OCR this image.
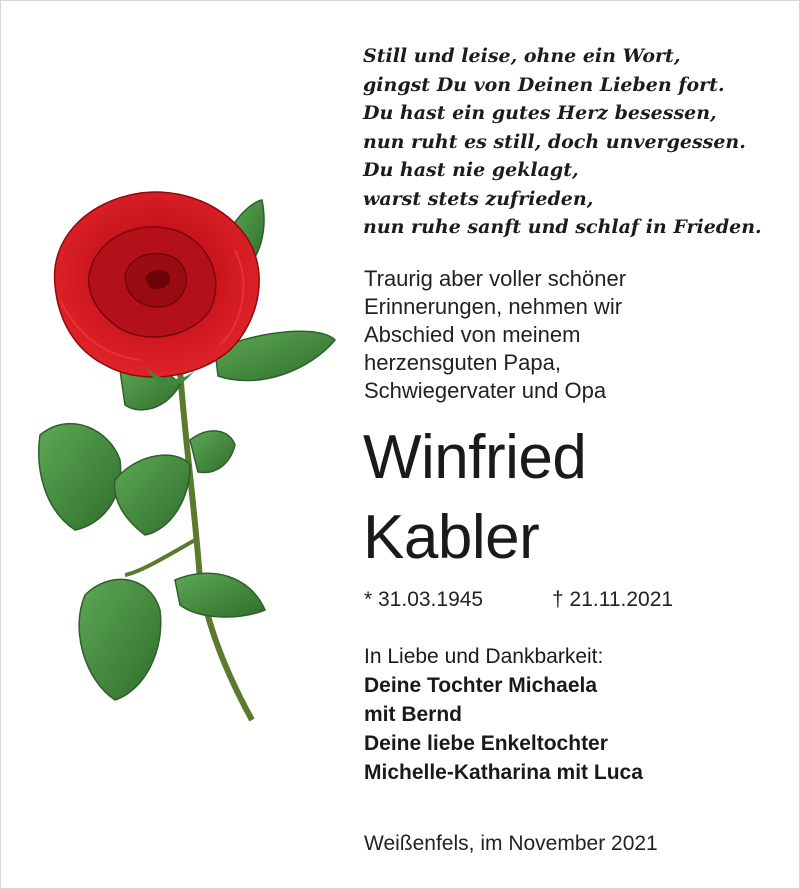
Still und leise, ohne ein Wort,
gingst Du von Deinen Lieben fort.
Du hast ein gutes Herz besessen,
nun ruht es still, doch unvergessen.
Du hast nie geklagt,
warst stets zufrieden,
nun ruhe sanft und schlaf in Frieden.
Traurig aber voller schöner
Erinnerungen, nehmen wir
Abschied von meinem
herzensguten Papa,
Schwiegervater und Opa
Winfried
Kabler
* 31.03.1945	† 21.11.2021
In Liebe und Dankbarkeit:
Deine Tochter Michaela
mit Bernd
Deine liebe Enkeltochter
Michelle-Katharina mit Luca
Weißenfels, im November 2021
